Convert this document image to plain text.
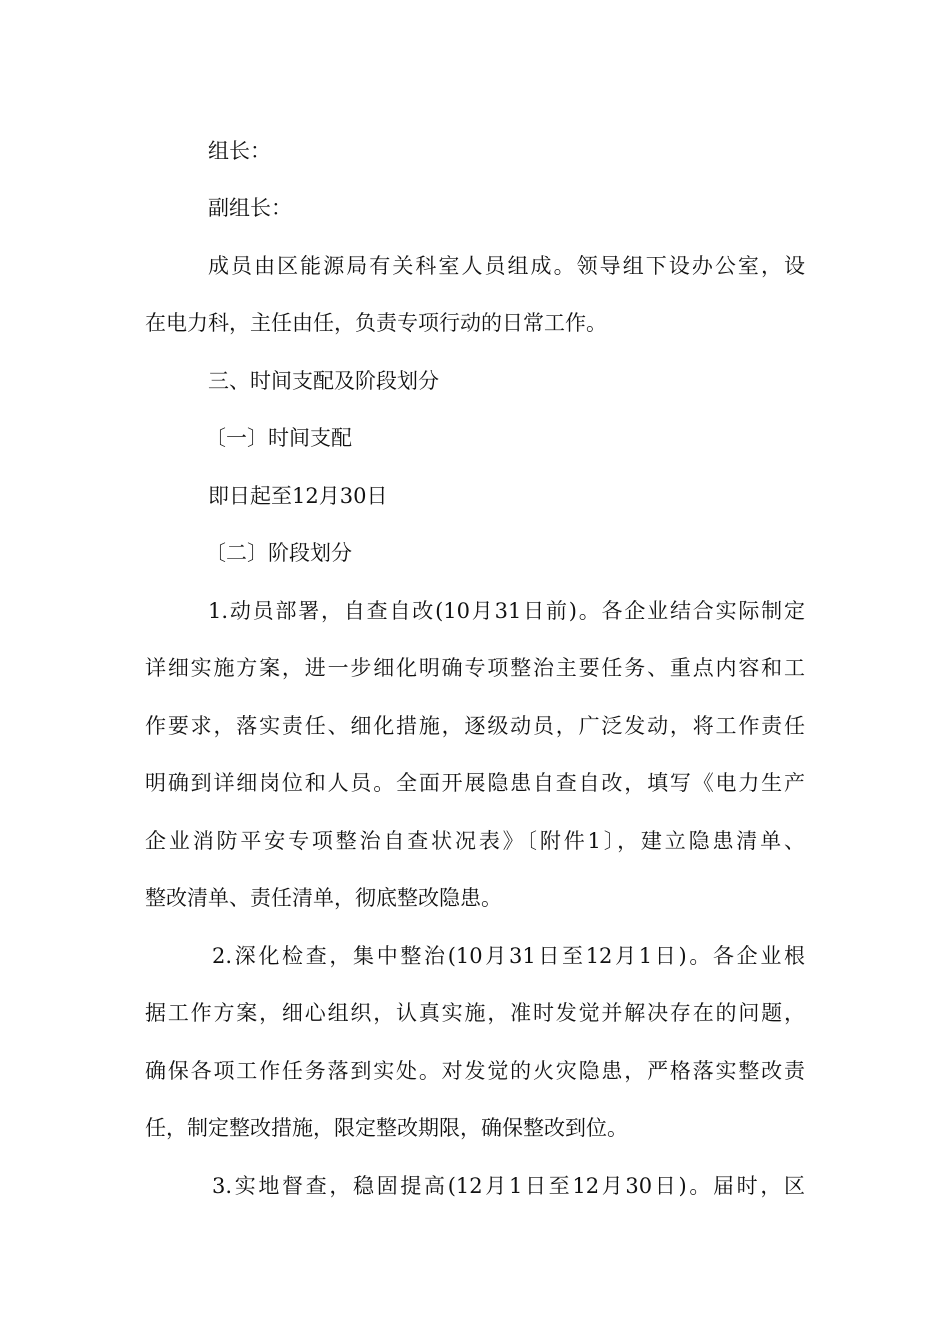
组长：
副组长：
成员由区能源局有关科室人员组成。领导组下设办公室，设
在电力科，主任由任，负责专项行动的日常工作。
三、时间支配及阶段划分
〔一〕时间支配
即日起至12月30日
〔二〕阶段划分
1.动员部署，自查自改(10月31日前)。各企业结合实际制定
详细实施方案，进一步细化明确专项整治主要任务、重点内容和工
作要求，落实责任、细化措施，逐级动员，广泛发动，将工作责任
明确到详细岗位和人员。全面开展隐患自查自改，填写《电力生产
企业消防平安专项整治自查状况表》〔附件1〕，建立隐患清单、
整改清单、责任清单，彻底整改隐患。
2.深化检查，集中整治(10月31日至12月1日)。各企业根
据工作方案，细心组织，认真实施，准时发觉并解决存在的问题，
确保各项工作任务落到实处。对发觉的火灾隐患，严格落实整改责
任，制定整改措施，限定整改期限，确保整改到位。
3.实地督查，稳固提高(12月1日至12月30日)。届时，区
